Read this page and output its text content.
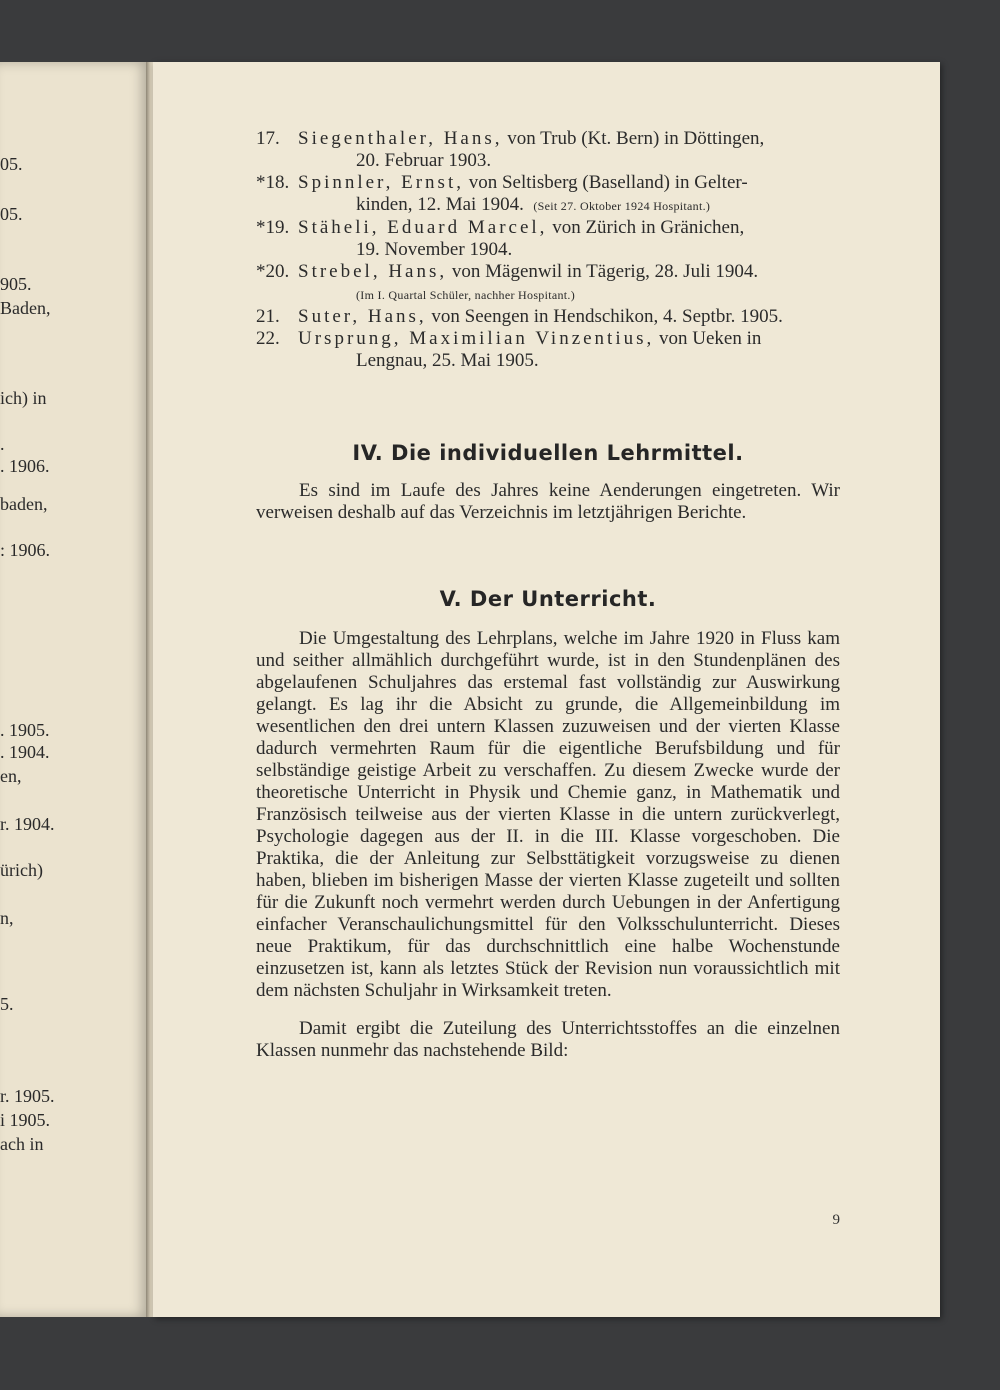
05.
05.
905.
Baden,
ich) in
.
. 1906.
baden,
: 1906.
. 1905.
. 1904.
en,
r. 1904.
ürich)
n,
5.
r. 1905.
i 1905.
ach in
17. Siegenthaler, Hans, von Trub (Kt. Bern) in Döttingen,
20. Februar 1903.
*18. Spinnler, Ernst, von Seltisberg (Baselland) in Gelter-
kinden, 12. Mai 1904. (Seit 27. Oktober 1924 Hospitant.)
*19. Stäheli, Eduard Marcel, von Zürich in Gränichen,
19. November 1904.
*20. Strebel, Hans, von Mägenwil in Tägerig, 28. Juli 1904.
(Im I. Quartal Schüler, nachher Hospitant.)
21. Suter, Hans, von Seengen in Hendschikon, 4. Septbr. 1905.
22. Ursprung, Maximilian Vinzentius, von Ueken in
Lengnau, 25. Mai 1905.
IV. Die individuellen Lehrmittel.

Es sind im Laufe des Jahres keine Aenderungen eingetreten. Wir verweisen deshalb auf das Verzeichnis im letztjährigen Berichte.

V. Der Unterricht.

Die Umgestaltung des Lehrplans, welche im Jahre 1920 in Fluss kam und seither allmählich durchgeführt wurde, ist in den Stundenplänen des abgelaufenen Schuljahres das erstemal fast vollständig zur Auswirkung gelangt. Es lag ihr die Absicht zu grunde, die Allgemeinbildung im wesentlichen den drei untern Klassen zuzuweisen und der vierten Klasse dadurch vermehrten Raum für die eigentliche Berufsbildung und für selbständige geistige Arbeit zu verschaffen. Zu diesem Zwecke wurde der theoretische Unterricht in Physik und Chemie ganz, in Mathematik und Französisch teilweise aus der vierten Klasse in die untern zurückverlegt, Psychologie dagegen aus der II. in die III. Klasse vorgeschoben. Die Praktika, die der Anleitung zur Selbsttätigkeit vorzugsweise zu dienen haben, blieben im bisherigen Masse der vierten Klasse zugeteilt und sollten für die Zukunft noch vermehrt werden durch Uebungen in der Anfertigung einfacher Veranschaulichungsmittel für den Volksschulunterricht. Dieses neue Praktikum, für das durchschnittlich eine halbe Wochenstunde einzusetzen ist, kann als letztes Stück der Revision nun voraussichtlich mit dem nächsten Schuljahr in Wirksamkeit treten.

Damit ergibt die Zuteilung des Unterrichtsstoffes an die einzelnen Klassen nunmehr das nachstehende Bild:

9
